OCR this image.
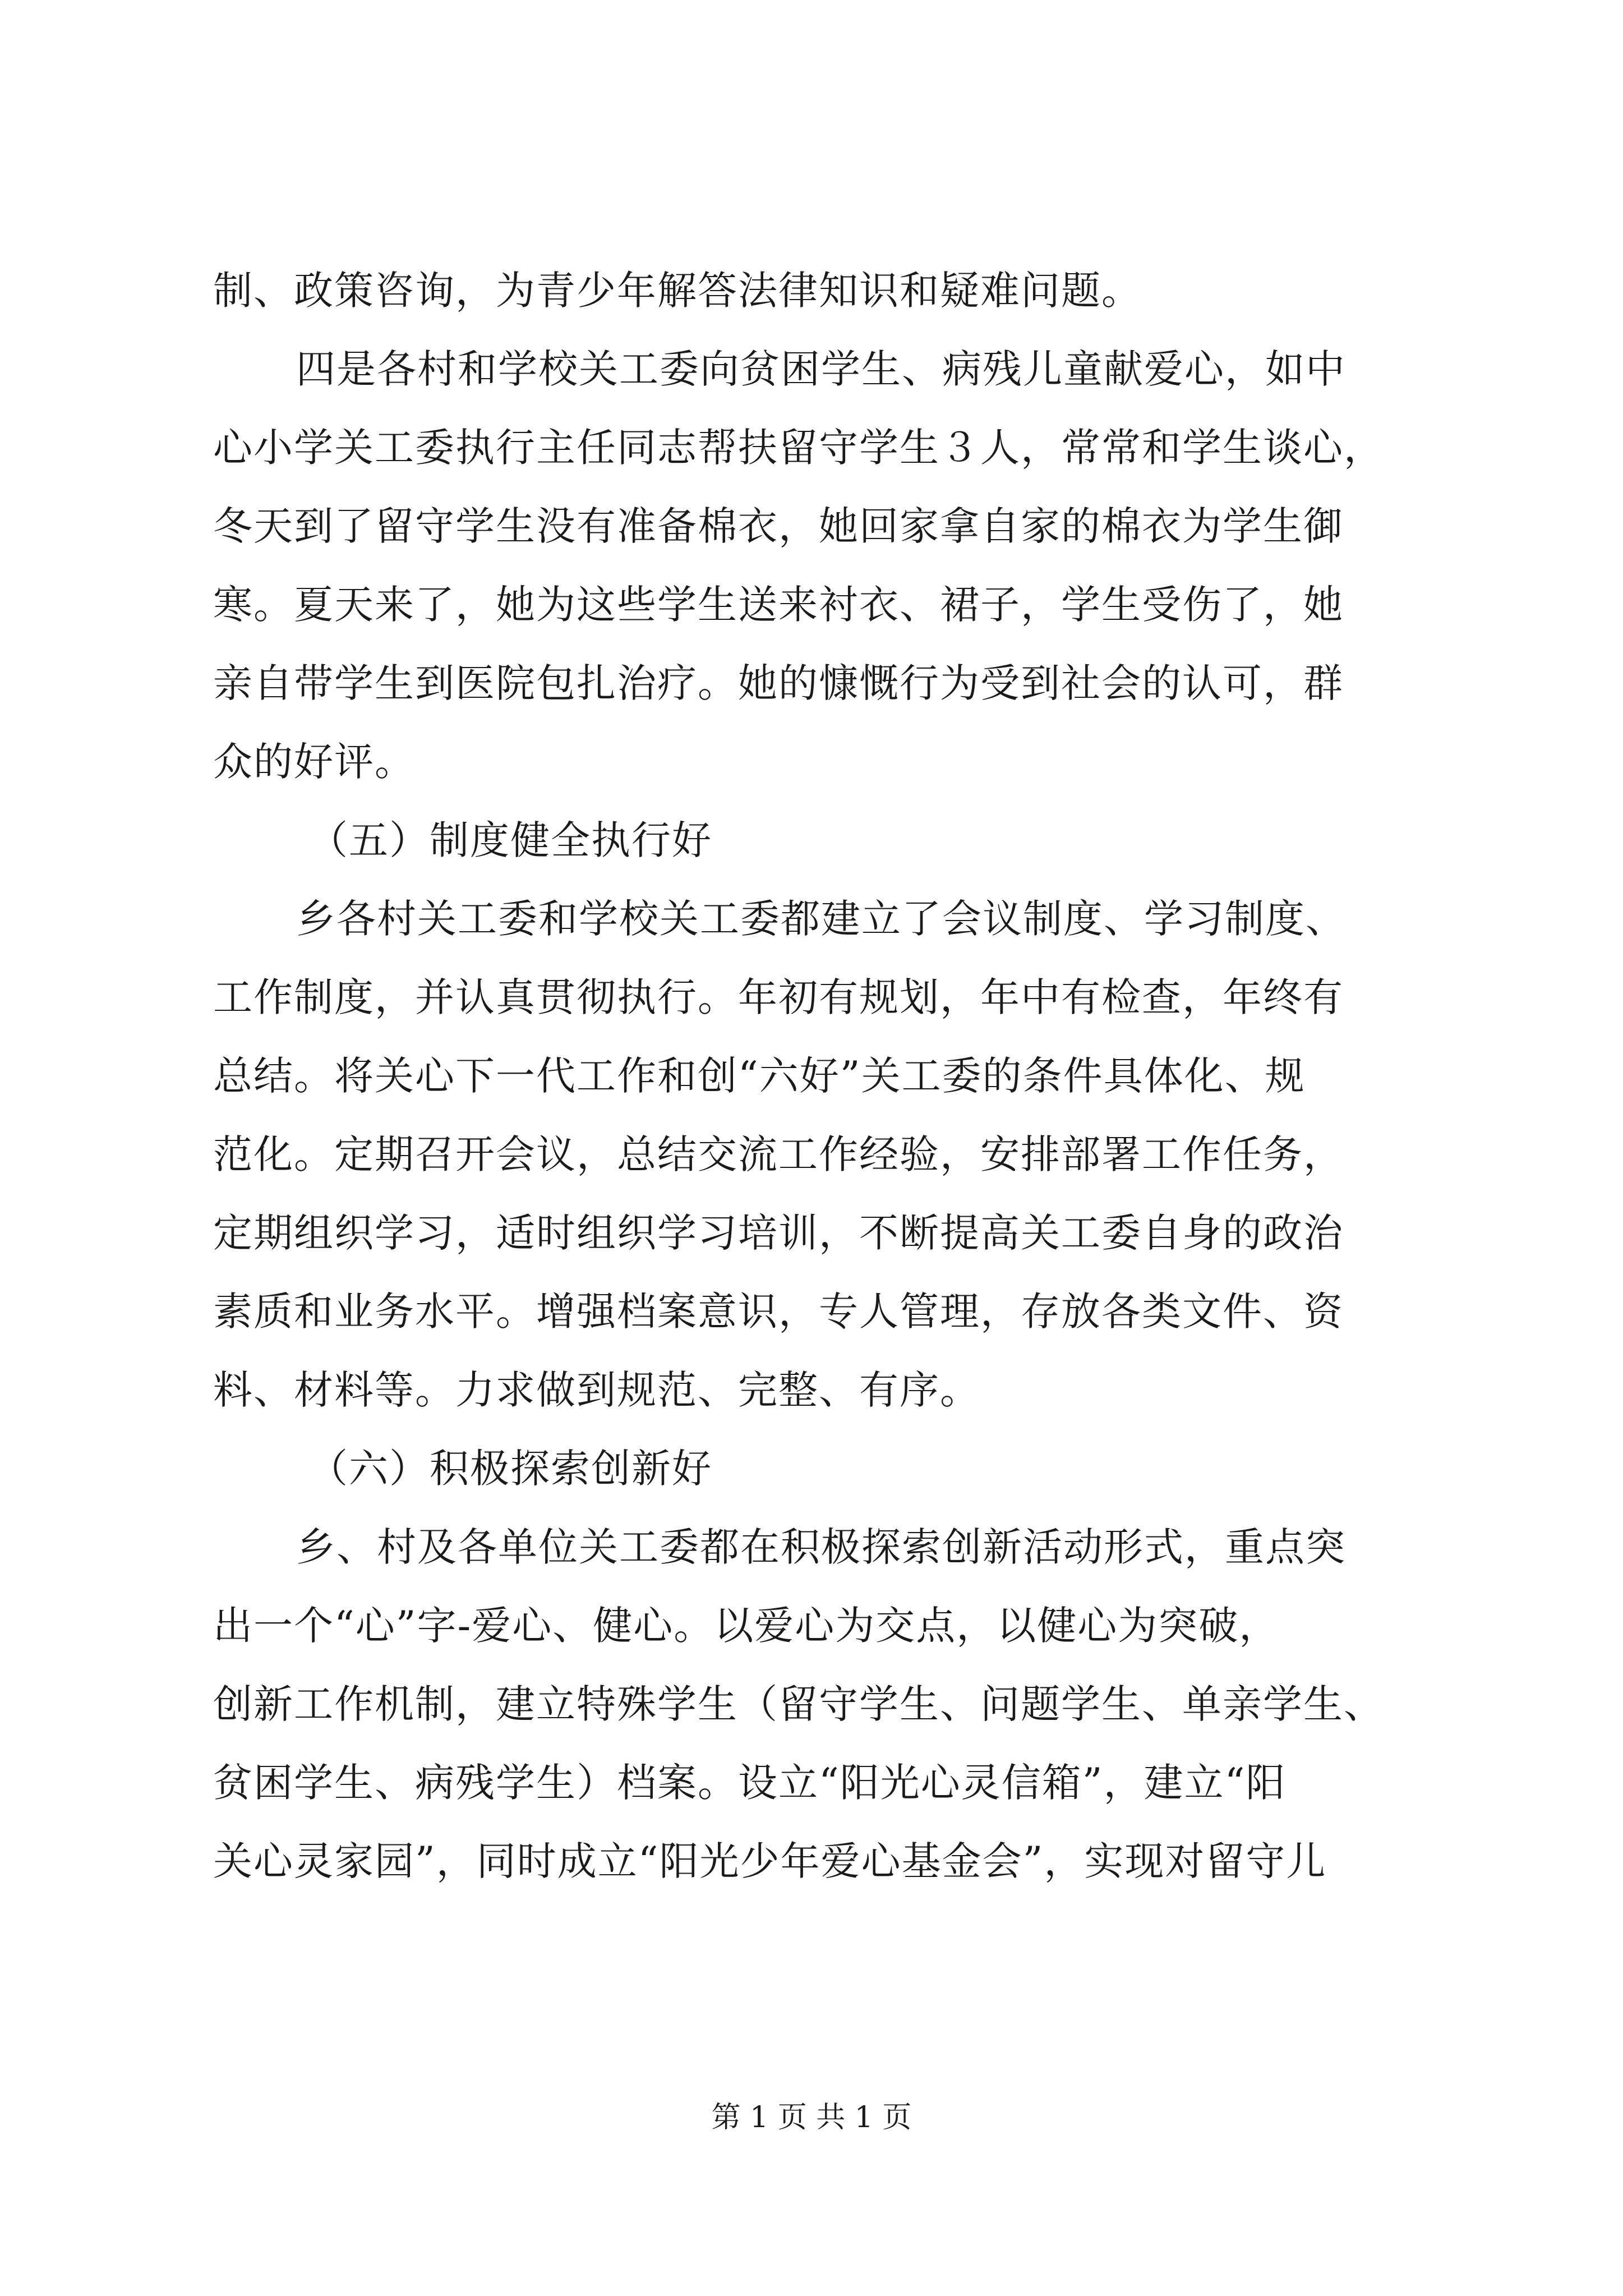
制、政策咨询，为青少年解答法律知识和疑难问题。
四是各村和学校关工委向贫困学生、病残儿童献爱心，如中
心小学关工委执行主任同志帮扶留守学生３人，常常和学生谈心，
冬天到了留守学生没有准备棉衣，她回家拿自家的棉衣为学生御
寒。夏天来了，她为这些学生送来衬衣、裙子，学生受伤了，她
亲自带学生到医院包扎治疗。她的慷慨行为受到社会的认可，群
众的好评。
（五）制度健全执行好
乡各村关工委和学校关工委都建立了会议制度、学习制度、
工作制度，并认真贯彻执行。年初有规划，年中有检查，年终有
总结。将关心下一代工作和创“六好”关工委的条件具体化、规
范化。定期召开会议，总结交流工作经验，安排部署工作任务，
定期组织学习，适时组织学习培训，不断提高关工委自身的政治
素质和业务水平。增强档案意识，专人管理，存放各类文件、资
料、材料等。力求做到规范、完整、有序。
（六）积极探索创新好
乡、村及各单位关工委都在积极探索创新活动形式，重点突
出一个“心”字-爱心、健心。以爱心为交点，以健心为突破，
创新工作机制，建立特殊学生（留守学生、问题学生、单亲学生、
贫困学生、病残学生）档案。设立“阳光心灵信箱”，建立“阳
关心灵家园”，同时成立“阳光少年爱心基金会”，实现对留守儿
第 1 页 共 1 页
